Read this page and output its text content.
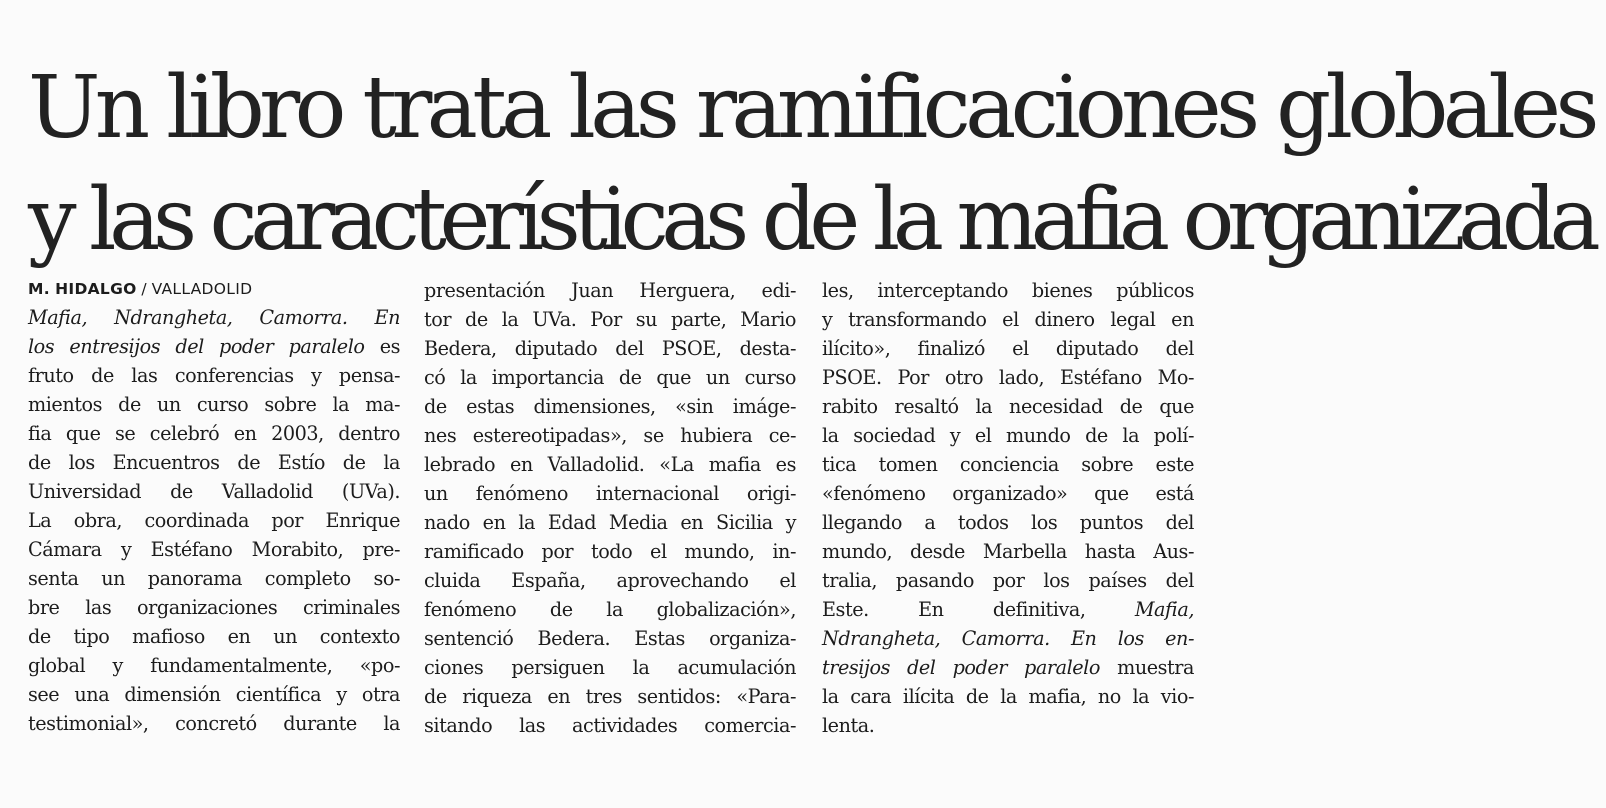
Un libro trata las ramificaciones globales
y las características de la mafia organizada
M. HIDALGO / VALLADOLID
Mafia, Ndrangheta, Camorra. En
los entresijos del poder paralelo es
fruto de las conferencias y pensa-
mientos de un curso sobre la ma-
fia que se celebró en 2003, dentro
de los Encuentros de Estío de la
Universidad de Valladolid (UVa).
La obra, coordinada por Enrique
Cámara y Estéfano Morabito, pre-
senta un panorama completo so-
bre las organizaciones criminales
de tipo mafioso en un contexto
global y fundamentalmente, «po-
see una dimensión científica y otra
testimonial», concretó durante la
presentación Juan Herguera, edi-
tor de la UVa. Por su parte, Mario
Bedera, diputado del PSOE, desta-
có la importancia de que un curso
de estas dimensiones, «sin imáge-
nes estereotipadas», se hubiera ce-
lebrado en Valladolid. «La mafia es
un fenómeno internacional origi-
nado en la Edad Media en Sicilia y
ramificado por todo el mundo, in-
cluida España, aprovechando el
fenómeno de la globalización»,
sentenció Bedera. Estas organiza-
ciones persiguen la acumulación
de riqueza en tres sentidos: «Para-
sitando las actividades comercia-
les, interceptando bienes públicos
y transformando el dinero legal en
ilícito», finalizó el diputado del
PSOE. Por otro lado, Estéfano Mo-
rabito resaltó la necesidad de que
la sociedad y el mundo de la polí-
tica tomen conciencia sobre este
«fenómeno organizado» que está
llegando a todos los puntos del
mundo, desde Marbella hasta Aus-
tralia, pasando por los países del
Este. En definitiva, Mafia,
Ndrangheta, Camorra. En los en-
tresijos del poder paralelo muestra
la cara ilícita de la mafia, no la vio-
lenta.
